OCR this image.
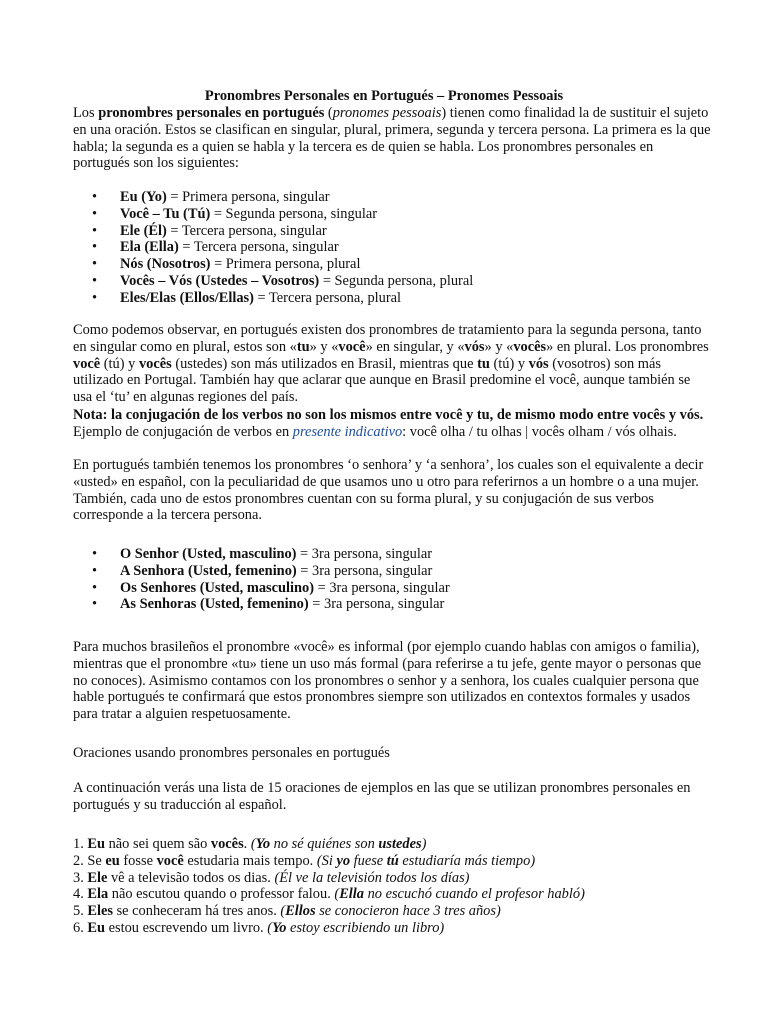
Pronombres Personales en Portugués – Pronomes Pessoais

Los pronombres personales en portugués (pronomes pessoais) tienen como finalidad la de sustituir el sujeto en una oración. Estos se clasifican en singular, plural, primera, segunda y tercera persona. La primera es la que habla; la segunda es a quien se habla y la tercera es de quien se habla. Los pronombres personales en portugués son los siguientes:

• Eu (Yo) = Primera persona, singular
• Você – Tu (Tú) = Segunda persona, singular
• Ele (Él) = Tercera persona, singular
• Ela (Ella) = Tercera persona, singular
• Nós (Nosotros) = Primera persona, plural
• Vocês – Vós (Ustedes – Vosotros) = Segunda persona, plural
• Eles/Elas (Ellos/Ellas) = Tercera persona, plural

Como podemos observar, en portugués existen dos pronombres de tratamiento para la segunda persona, tanto en singular como en plural, estos son «tu» y «você» en singular, y «vós» y «vocês» en plural. Los pronombres você (tú) y vocês (ustedes) son más utilizados en Brasil, mientras que tu (tú) y vós (vosotros) son más utilizado en Portugal. También hay que aclarar que aunque en Brasil predomine el você, aunque también se usa el ‘tu’ en algunas regiones del país.

Nota: la conjugación de los verbos no son los mismos entre você y tu, de mismo modo entre vocês y vós. Ejemplo de conjugación de verbos en presente indicativo: você olha / tu olhas | vocês olham / vós olhais.

En portugués también tenemos los pronombres ‘o senhora’ y ‘a senhora’, los cuales son el equivalente a decir «usted» en español, con la peculiaridad de que usamos uno u otro para referirnos a un hombre o a una mujer. También, cada uno de estos pronombres cuentan con su forma plural, y su conjugación de sus verbos corresponde a la tercera persona.

• O Senhor (Usted, masculino) = 3ra persona, singular
• A Senhora (Usted, femenino) = 3ra persona, singular
• Os Senhores (Usted, masculino) = 3ra persona, singular
• As Senhoras (Usted, femenino) = 3ra persona, singular

Para muchos brasileños el pronombre «você» es informal (por ejemplo cuando hablas con amigos o familia), mientras que el pronombre «tu» tiene un uso más formal (para referirse a tu jefe, gente mayor o personas que no conoces). Asimismo contamos con los pronombres o senhor y a senhora, los cuales cualquier persona que hable portugués te confirmará que estos pronombres siempre son utilizados en contextos formales y usados para tratar a alguien respetuosamente.

Oraciones usando pronombres personales en portugués

A continuación verás una lista de 15 oraciones de ejemplos en las que se utilizan pronombres personales en portugués y su traducción al español.

1. Eu não sei quem são vocês. (Yo no sé quiénes son ustedes)
2. Se eu fosse você estudaria mais tempo. (Si yo fuese tú estudiaría más tiempo)
3. Ele vê a televisão todos os dias. (Él ve la televisión todos los días)
4. Ela não escutou quando o professor falou. (Ella no escuchó cuando el profesor habló)
5. Eles se conheceram há tres anos. (Ellos se conocieron hace 3 tres años)
6. Eu estou escrevendo um livro. (Yo estoy escribiendo un libro)
